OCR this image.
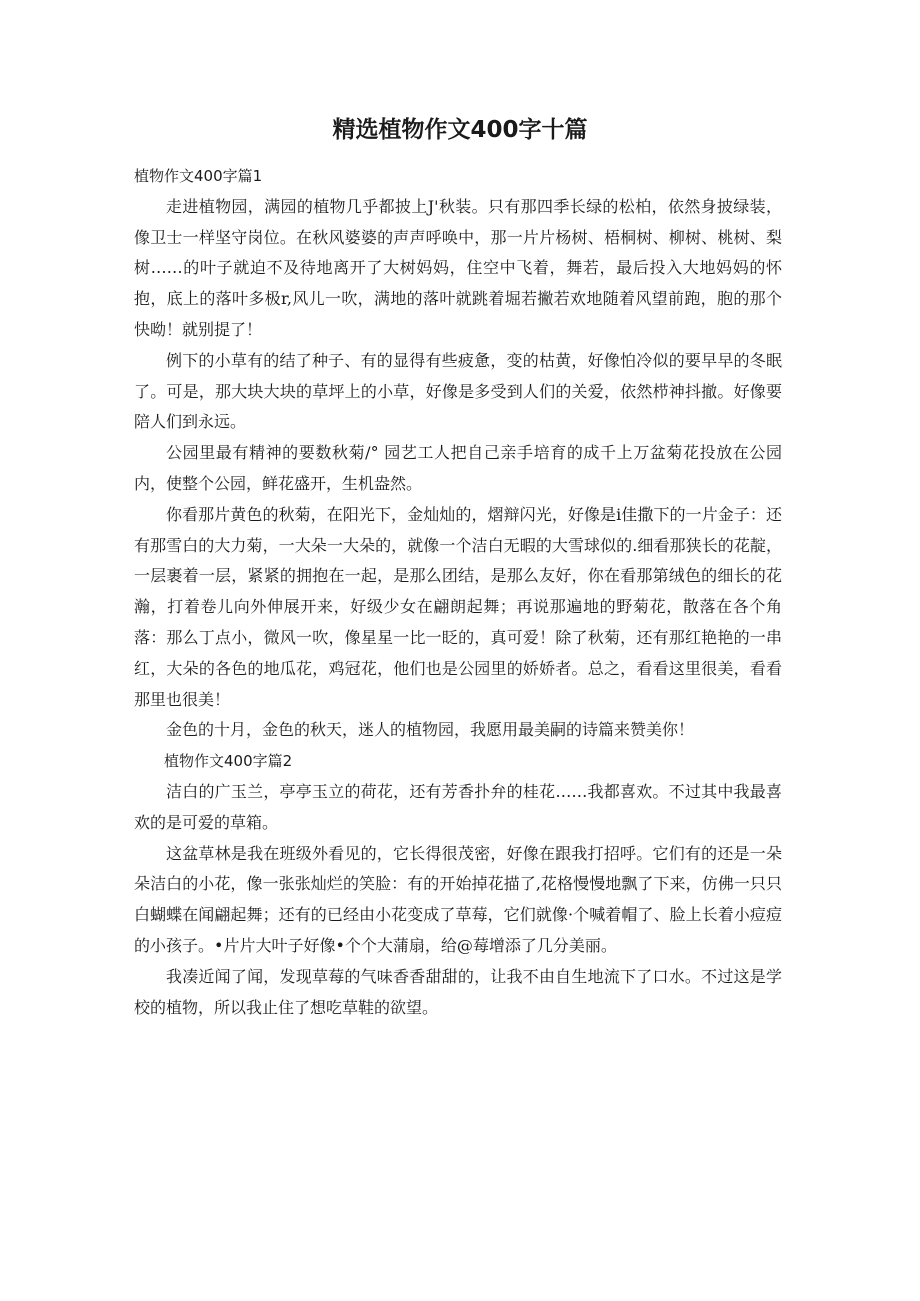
精选植物作文400字十篇

植物作文400字篇1

走进植物园，满园的植物几乎都披上J'秋装。只有那四季长绿的松柏，依然身披绿装，像卫士一样坚守岗位。在秋风婆婆的声声呼唤中，那一片片杨树、梧桐树、柳树、桃树、梨树……的叶子就迫不及待地离开了大树妈妈，住空中飞着，舞若，最后投入大地妈妈的怀抱，底上的落叶多极r,风儿一吹，满地的落叶就跳着堀若撇若欢地随着风望前跑，胞的那个快呦！就别提了！

例下的小草有的结了种子、有的显得有些疲惫，变的枯黄，好像怕冷似的要早早的冬眠了。可是，那大块大块的草坪上的小草，好像是多受到人们的关爱，依然栉神抖撤。好像要陪人们到永远。

公园里最有精神的要数秋菊/° 园艺工人把自己亲手培育的成千上万盆菊花投放在公园内，使整个公园，鲜花盛开，生机盎然。

你看那片黄色的秋菊，在阳光下，金灿灿的，熠辩闪光，好像是i佳撒下的一片金子：还有那雪白的大力菊，一大朵一大朵的，就像一个洁白无暇的大雪球似的.细看那狭长的花靛，一层裹着一层，紧紧的拥抱在一起，是那么团结，是那么友好，你在看那第绒色的细长的花瀚，打着卷儿向外伸展开来，好级少女在翩朗起舞；再说那遍地的野菊花，散落在各个角落：那么丁点小，微风一吹，像星星一比一眨的，真可爱！除了秋菊，还有那红艳艳的一串红，大朵的各色的地瓜花，鸡冠花，他们也是公园里的娇娇者。总之，看看这里很美，看看那里也很美！

金色的十月，金色的秋天，迷人的植物园，我愿用最美嗣的诗篇来赞美你！

植物作文400字篇2

洁白的广玉兰，亭亭玉立的荷花，还有芳香扑弁的桂花……我都喜欢。不过其中我最喜欢的是可爱的草箱。

这盆草林是我在班级外看见的，它长得很茂密，好像在跟我打招呼。它们有的还是一朵朵洁白的小花，像一张张灿烂的笑脸：有的开始掉花描了,花格慢慢地飘了下来，仿佛一只只白蝴蝶在闻翩起舞；还有的已经由小花变成了草莓，它们就像·个喊着帽了、脸上长着小痘痘的小孩子。•片片大叶子好像•个个大蒲扇，给@莓增添了几分美丽。

我凑近闻了闻，发现草莓的气味香香甜甜的，让我不由自生地流下了口水。不过这是学校的植物，所以我止住了想吃草鞋的欲望。
